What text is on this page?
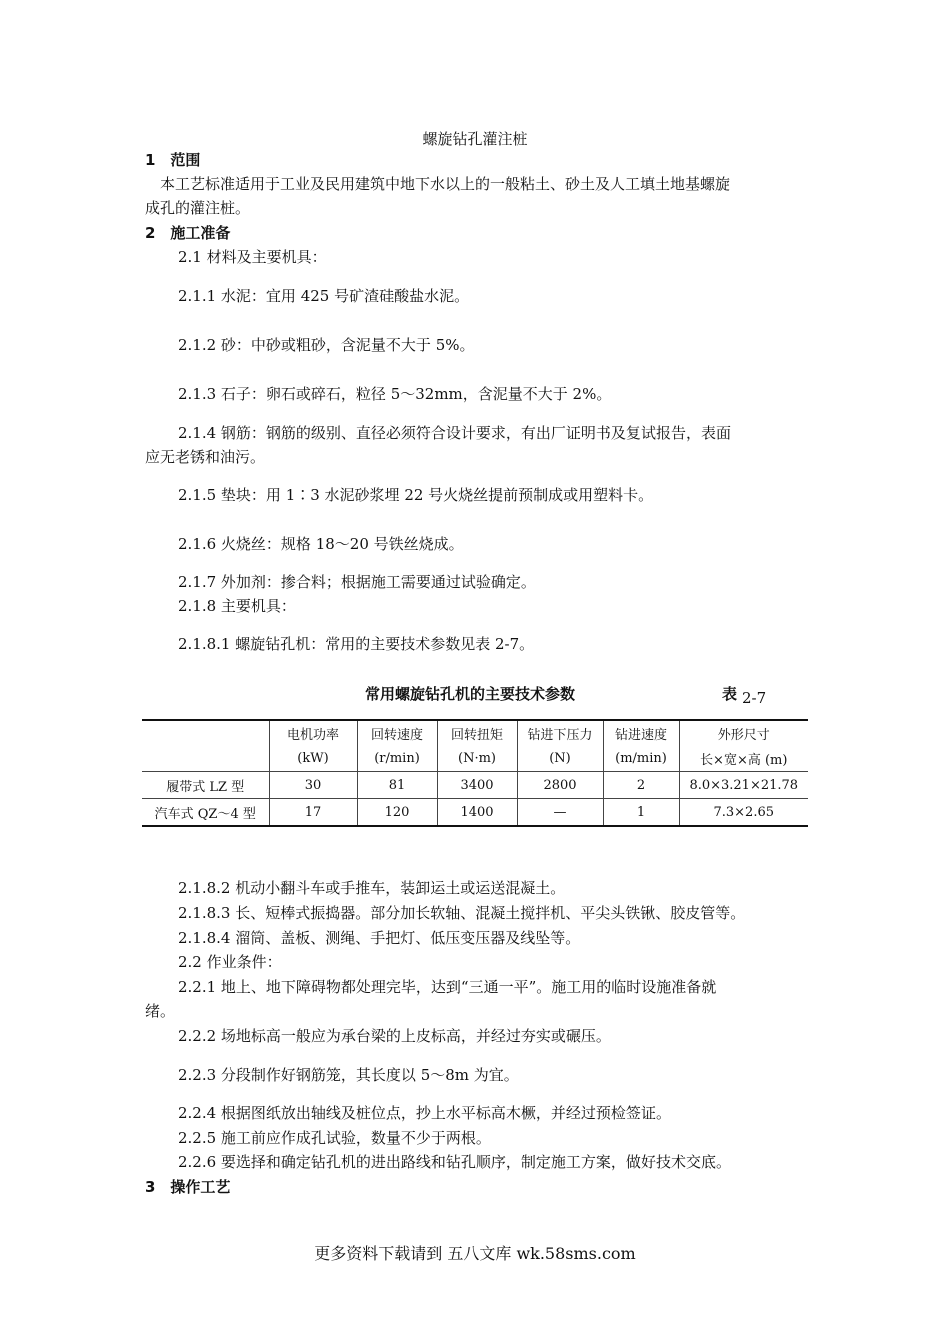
螺旋钻孔灌注桩
1　范围
　本工艺标准适用于工业及民用建筑中地下水以上的一般粘土、砂土及人工填土地基螺旋
成孔的灌注桩。
2　施工准备
2.1 材料及主要机具：
2.1.1 水泥：宜用 425 号矿渣硅酸盐水泥。
2.1.2 砂：中砂或粗砂，含泥量不大于 5%。
2.1.3 石子：卵石或碎石，粒径 5～32mm，含泥量不大于 2%。
2.1.4 钢筋：钢筋的级别、直径必须符合设计要求，有出厂证明书及复试报告，表面
应无老锈和油污。
2.1.5 垫块：用 1∶3 水泥砂浆埋 22 号火烧丝提前预制成或用塑料卡。
2.1.6 火烧丝：规格 18～20 号铁丝烧成。
2.1.7 外加剂：掺合料；根据施工需要通过试验确定。
2.1.8 主要机具：
2.1.8.1 螺旋钻孔机：常用的主要技术参数见表 2-7。
常用螺旋钻孔机的主要技术参数	表 2-7
	电机功率	回转速度	回转扭矩	钻进下压力	钻进速度	外形尺寸
	(kW)	(r/min)	(N·m)	(N)	(m/min)	长×宽×高 (m)
履带式 LZ 型	30	81	3400	2800	2	8.0×3.21×21.78
汽车式 QZ～4 型	17	120	1400	—	1	7.3×2.65
2.1.8.2 机动小翻斗车或手推车，装卸运土或运送混凝土。
2.1.8.3 长、短棒式振捣器。部分加长软轴、混凝土搅拌机、平尖头铁锹、胶皮管等。
2.1.8.4 溜筒、盖板、测绳、手把灯、低压变压器及线坠等。
2.2 作业条件：
2.2.1 地上、地下障碍物都处理完毕，达到“三通一平”。施工用的临时设施准备就
绪。
2.2.2 场地标高一般应为承台梁的上皮标高，并经过夯实或碾压。
2.2.3 分段制作好钢筋笼，其长度以 5～8m 为宜。
2.2.4 根据图纸放出轴线及桩位点，抄上水平标高木橛，并经过预检签证。
2.2.5 施工前应作成孔试验，数量不少于两根。
2.2.6 要选择和确定钻孔机的进出路线和钻孔顺序，制定施工方案，做好技术交底。
3　操作工艺
更多资料下载请到 五八文库 wk.58sms.com
